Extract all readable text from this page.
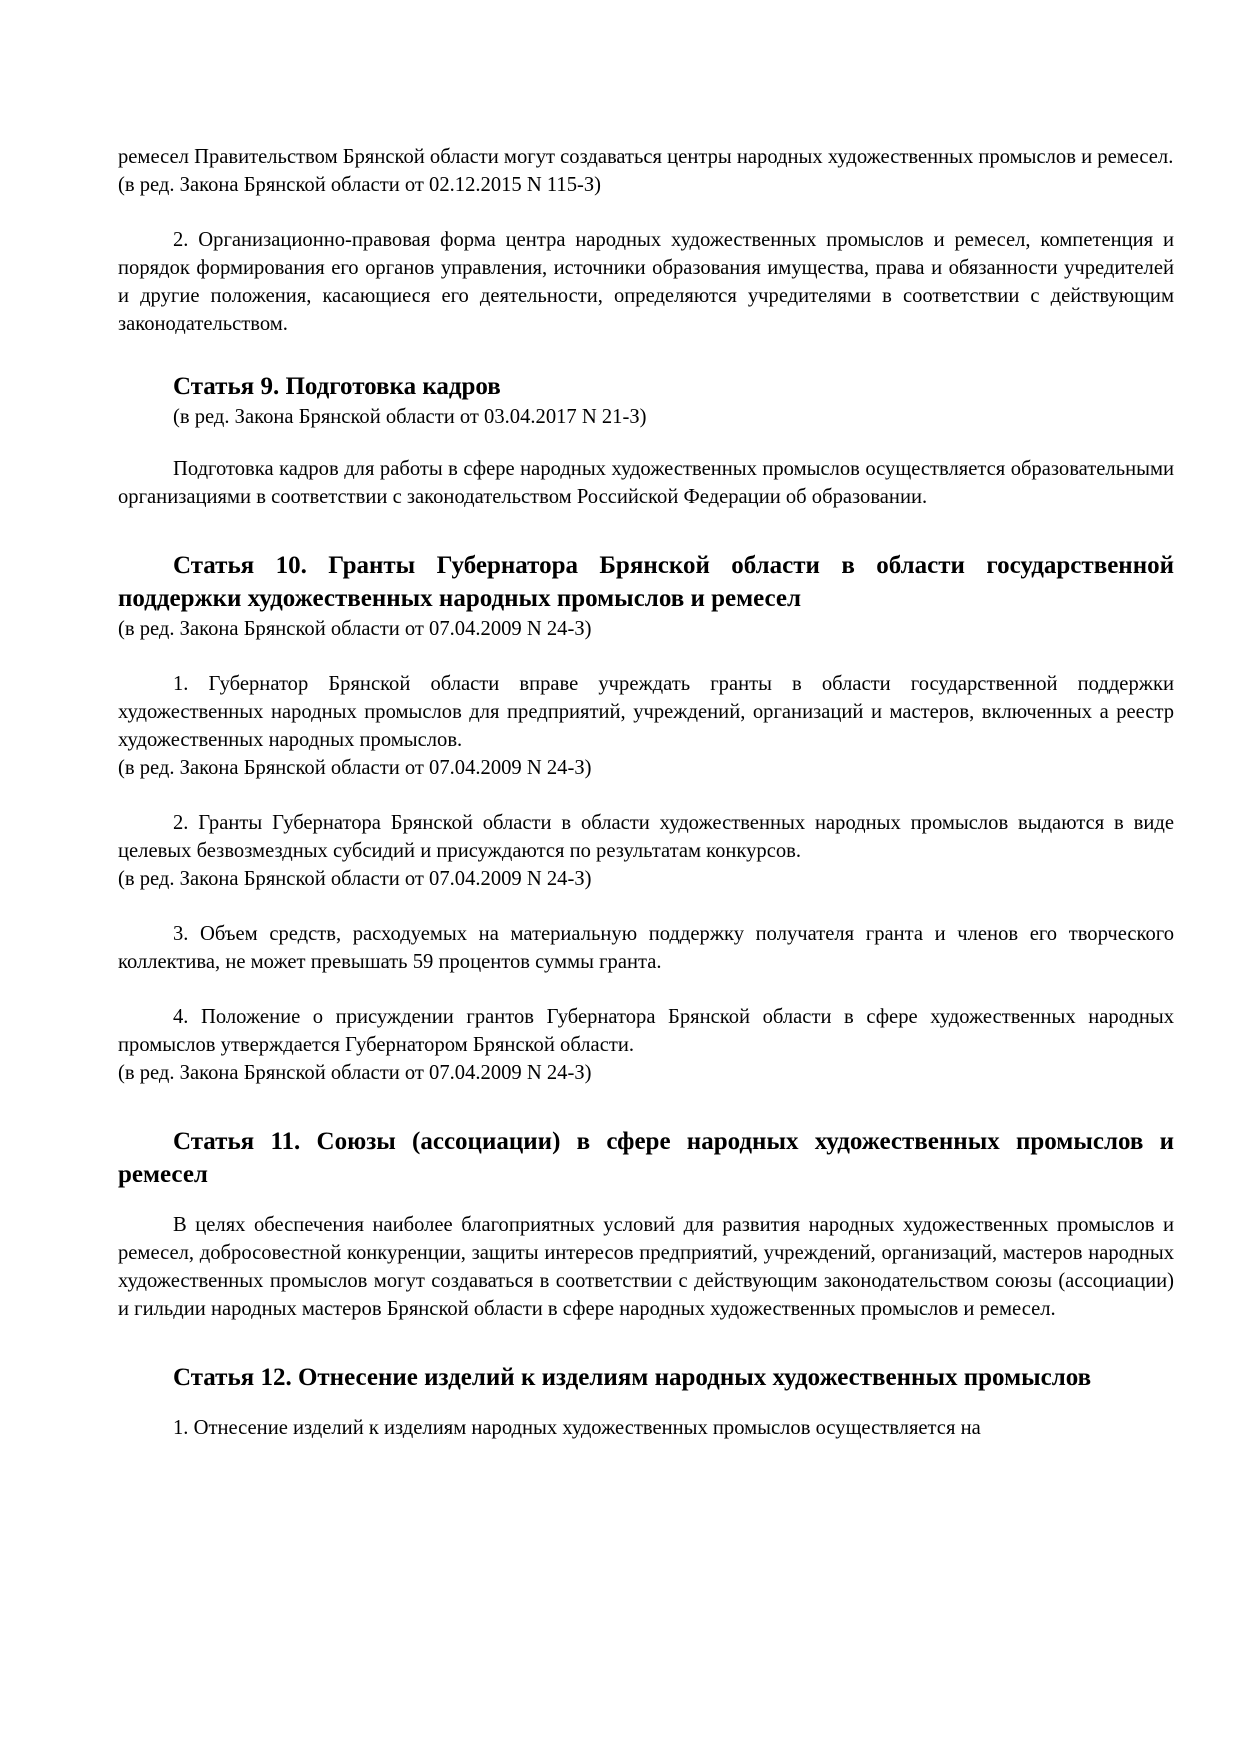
ремесел Правительством Брянской области могут создаваться центры народных художественных промыслов и ремесел.

(в ред. Закона Брянской области от 02.12.2015 N 115-З)

2. Организационно-правовая форма центра народных художественных промыслов и ремесел, компетенция и порядок формирования его органов управления, источники образования имущества, права и обязанности учредителей и другие положения, касающиеся его деятельности, определяются учредителями в соответствии с действующим законодательством.

Статья 9. Подготовка кадров

(в ред. Закона Брянской области от 03.04.2017 N 21-З)

Подготовка кадров для работы в сфере народных художественных промыслов осуществляется образовательными организациями в соответствии с законодательством Российской Федерации об образовании.

Статья 10. Гранты Губернатора Брянской области в области государственной поддержки художественных народных промыслов и ремесел

(в ред. Закона Брянской области от 07.04.2009 N 24-З)

1. Губернатор Брянской области вправе учреждать гранты в области государственной поддержки художественных народных промыслов для предприятий, учреждений, организаций и мастеров, включенных а реестр художественных народных промыслов.

(в ред. Закона Брянской области от 07.04.2009 N 24-З)

2. Гранты Губернатора Брянской области в области художественных народных промыслов выдаются в виде целевых безвозмездных субсидий и присуждаются по результатам конкурсов.

(в ред. Закона Брянской области от 07.04.2009 N 24-З)

3. Объем средств, расходуемых на материальную поддержку получателя гранта и членов его творческого коллектива, не может превышать 59 процентов суммы гранта.

4. Положение о присуждении грантов Губернатора Брянской области в сфере художественных народных промыслов утверждается Губернатором Брянской области.

(в ред. Закона Брянской области от 07.04.2009 N 24-З)

Статья 11. Союзы (ассоциации) в сфере народных художественных промыслов и ремесел

В целях обеспечения наиболее благоприятных условий для развития народных художественных промыслов и ремесел, добросовестной конкуренции, защиты интересов предприятий, учреждений, организаций, мастеров народных художественных промыслов могут создаваться в соответствии с действующим законодательством союзы (ассоциации) и гильдии народных мастеров Брянской области в сфере народных художественных промыслов и ремесел.

Статья 12. Отнесение изделий к изделиям народных художественных промыслов

1. Отнесение изделий к изделиям народных художественных промыслов осуществляется на
